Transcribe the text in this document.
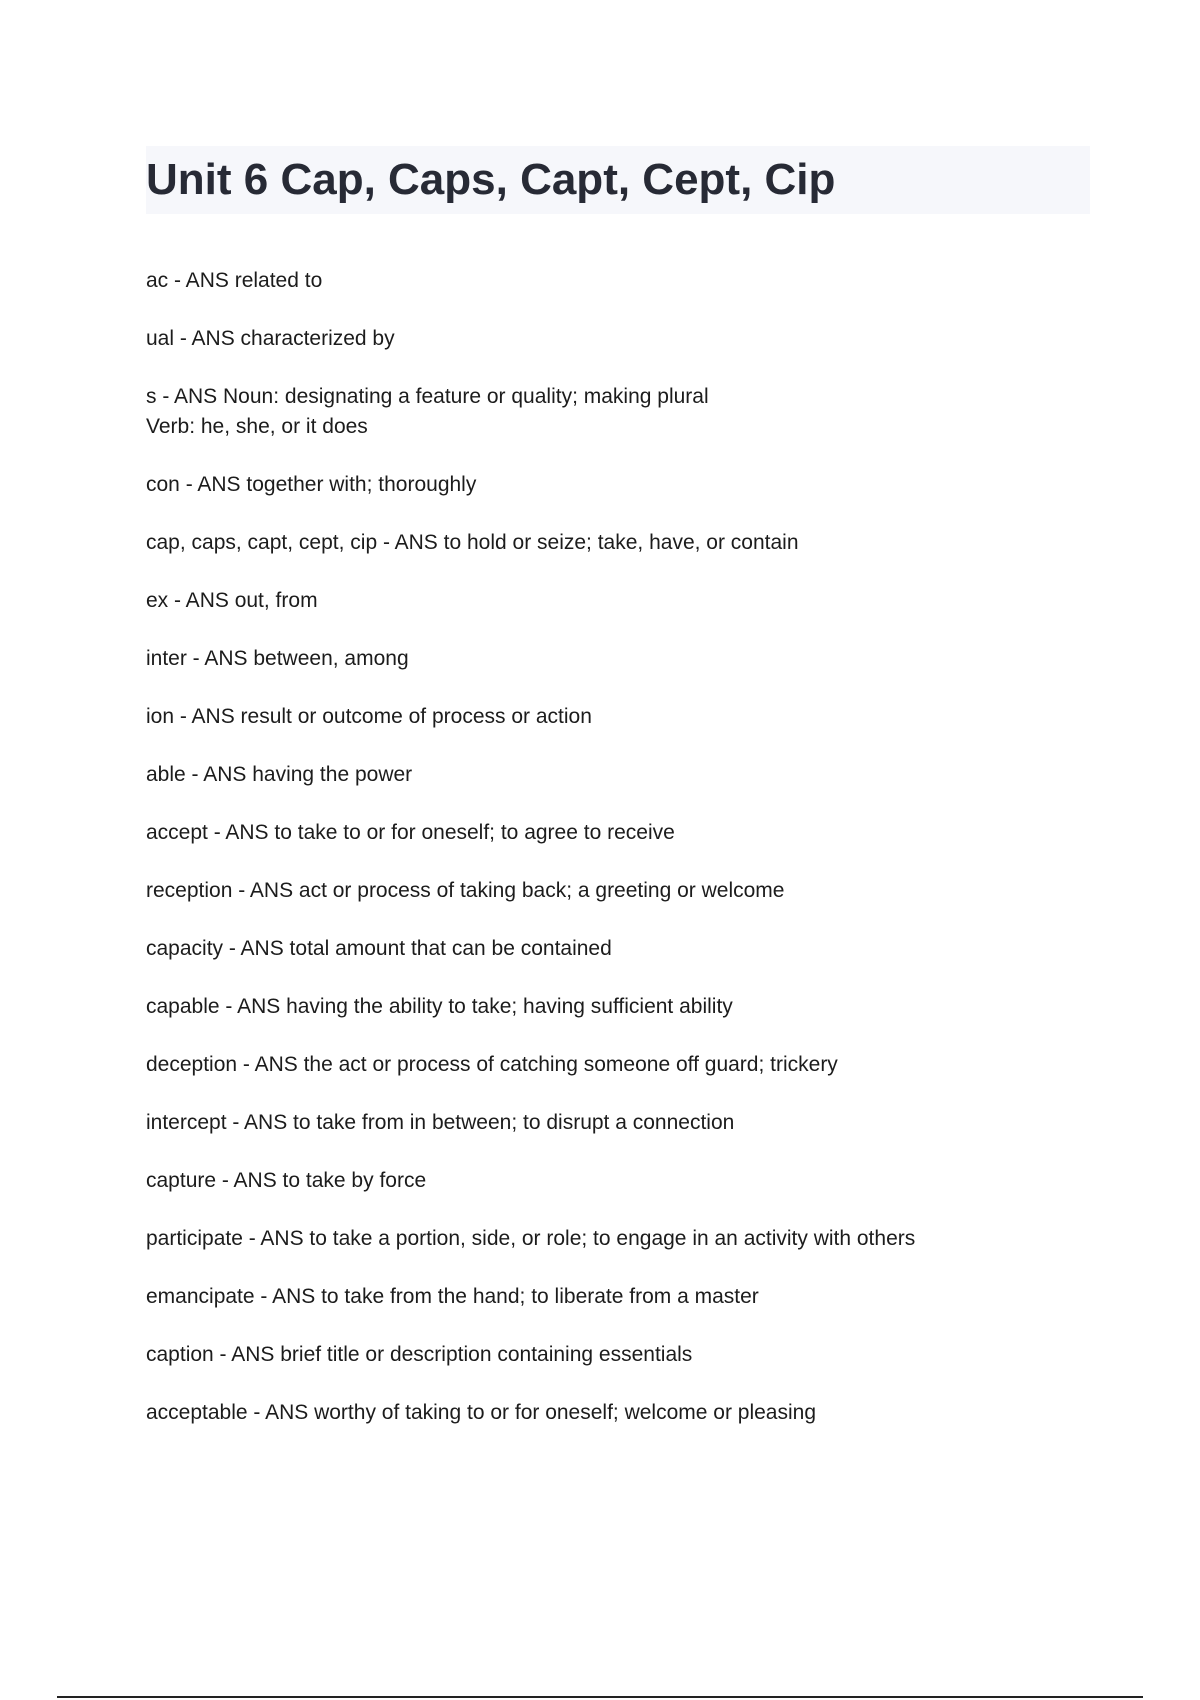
Unit 6 Cap, Caps, Capt, Cept, Cip
ac - ANS related to
ual - ANS characterized by
s - ANS Noun: designating a feature or quality; making plural
Verb: he, she, or it does
con - ANS together with; thoroughly
cap, caps, capt, cept, cip - ANS to hold or seize; take, have, or contain
ex - ANS out, from
inter - ANS between, among
ion - ANS result or outcome of process or action
able - ANS having the power
accept - ANS to take to or for oneself; to agree to receive
reception - ANS act or process of taking back; a greeting or welcome
capacity - ANS total amount that can be contained
capable - ANS having the ability to take; having sufficient ability
deception - ANS the act or process of catching someone off guard; trickery
intercept - ANS to take from in between; to disrupt a connection
capture - ANS to take by force
participate - ANS to take a portion, side, or role; to engage in an activity with others
emancipate - ANS to take from the hand; to liberate from a master
caption - ANS brief title or description containing essentials
acceptable - ANS worthy of taking to or for oneself; welcome or pleasing
